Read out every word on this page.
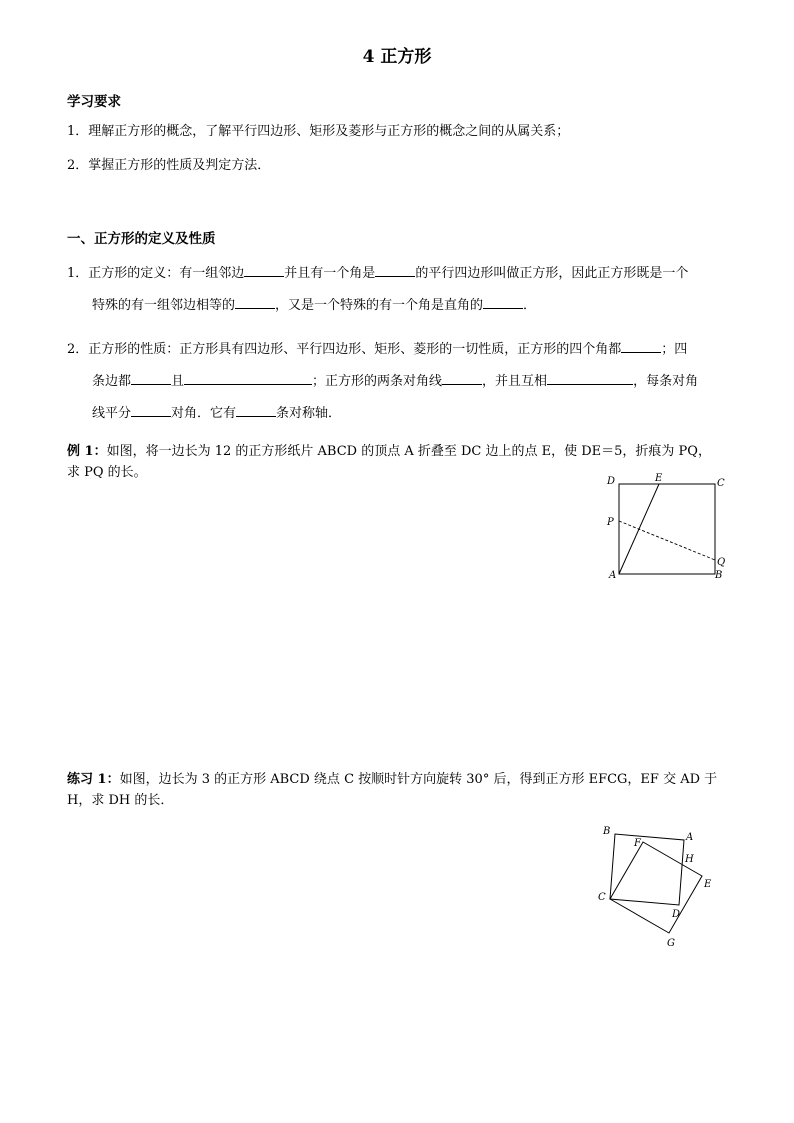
4 正方形
学习要求
1．理解正方形的概念，了解平行四边形、矩形及菱形与正方形的概念之间的从属关系；
2．掌握正方形的性质及判定方法．
一、正方形的定义及性质
1．正方形的定义：有一组邻边	并且有一个角是	的平行四边形叫做正方形，因此正方形既是一个
特殊的有一组邻边相等的	，又是一个特殊的有一个角是直角的	．
2．正方形的性质：正方形具有四边形、平行四边形、矩形、菱形的一切性质，正方形的四个角都	；四
条边都	且	；正方形的两条对角线	，并且互相	，每条对角
线平分	对角．它有	条对称轴．
例 1：如图，将一边长为 12 的正方形纸片 ABCD 的顶点 A 折叠至 DC 边上的点 E，使 DE＝5，折痕为 PQ，
求 PQ 的长。
D	E	C
P
Q
A	B
练习 1：如图，边长为 3 的正方形 ABCD 绕点 C 按顺时针方向旋转 30° 后，得到正方形 EFCG，EF 交 AD 于
H，求 DH 的长．
B
A
F
H
E
C
D
G
